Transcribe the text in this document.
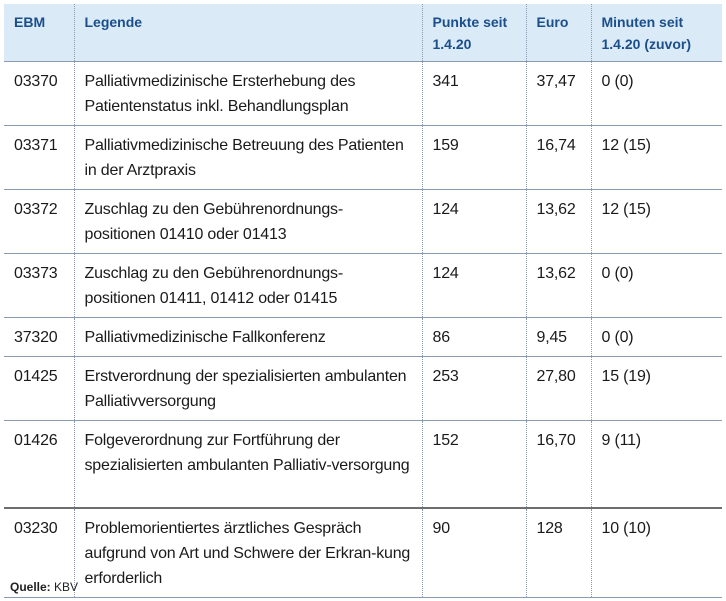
EBM	Legende	Punkte seit 1.4.20	Euro	Minuten seit 1.4.20 (zuvor)
03370	Palliativmedizinische Ersterhebung des Patientenstatus inkl. Behandlungsplan	341	37,47	0 (0)
03371	Palliativmedizinische Betreuung des Patienten in der Arztpraxis	159	16,74	12 (15)
03372	Zuschlag zu den Gebührenordnungs-positionen 01410 oder 01413	124	13,62	12 (15)
03373	Zuschlag zu den Gebührenordnungs-positionen 01411, 01412 oder 01415	124	13,62	0 (0)
37320	Palliativmedizinische Fallkonferenz	86	9,45	0 (0)
01425	Erstverordnung der spezialisierten ambulanten Palliativversorgung	253	27,80	15 (19)
01426	Folgeverordnung zur Fortführung der spezialisierten ambulanten Palliativ-versorgung	152	16,70	9 (11)
03230	Problemorientiertes ärztliches Gespräch aufgrund von Art und Schwere der Erkran-kung erforderlich	90	128	10 (10)
Quelle: KBV
